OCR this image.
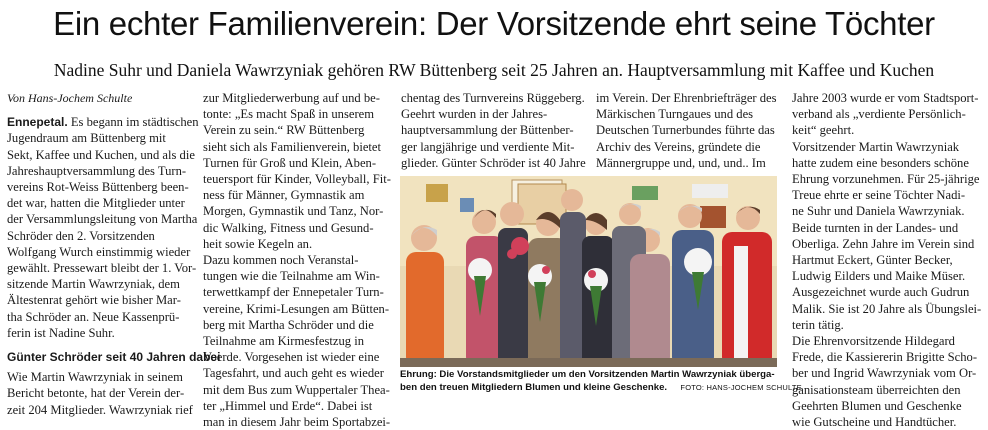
Ein echter Familienverein: Der Vorsitzende ehrt seine Töchter
Nadine Suhr und Daniela Wawrzyniak gehören RW Büttenberg seit 25 Jahren an. Hauptversammlung mit Kaffee und Kuchen
Von Hans-Jochem Schulte
Ennepetal. Es begann im städtischen
Jugendraum am Büttenberg mit
Sekt, Kaffee und Kuchen, und als die
Jahreshauptversammlung des Turn-
vereins Rot-Weiss Büttenberg been-
det war, hatten die Mitglieder unter
der Versammlungsleitung von Martha
Schröder den 2. Vorsitzenden
Wolfgang Wurch einstimmig wieder
gewählt. Pressewart bleibt der 1. Vor-
sitzende Martin Wawrzyniak, dem
Ältestenrat gehört wie bisher Mar-
tha Schröder an. Neue Kassenprü-
ferin ist Nadine Suhr.
Günter Schröder seit 40 Jahren dabei
Wie Martin Wawrzyniak in seinem
Bericht betonte, hat der Verein der-
zeit 204 Mitglieder. Wawrzyniak rief
zur Mitgliederwerbung auf und be-
tonte: „Es macht Spaß in unserem
Verein zu sein.“ RW Büttenberg
sieht sich als Familienverein, bietet
Turnen für Groß und Klein, Aben-
teuersport für Kinder, Volleyball, Fit-
ness für Männer, Gymnastik am
Morgen, Gymnastik und Tanz, Nor-
dic Walking, Fitness und Gesund-
heit sowie Kegeln an.
Dazu kommen noch Veranstal-
tungen wie die Teilnahme am Win-
terwettkampf der Ennepetaler Turn-
vereine, Krimi-Lesungen am Bütten-
berg mit Martha Schröder und die
Teilnahme am Kirmesfestzug in
Voerde. Vorgesehen ist wieder eine
Tagesfahrt, und auch geht es wieder
mit dem Bus zum Wuppertaler Thea-
ter „Himmel und Erde“. Dabei ist
man in diesem Jahr beim Sportabzei-
chentag des Turnvereins Rüggeberg.
Geehrt wurden in der Jahres-
hauptversammlung der Büttenber-
ger langjährige und verdiente Mit-
glieder. Günter Schröder ist 40 Jahre
im Verein. Der Ehrenbriefträger des
Märkischen Turngaues und des
Deutschen Turnerbundes führte das
Archiv des Vereins, gründete die
Männergruppe und, und, und.. Im
Jahre 2003 wurde er vom Stadtsport-
verband als „verdiente Persönlich-
keit“ geehrt.
Vorsitzender Martin Wawrzyniak
hatte zudem eine besonders schöne
Ehrung vorzunehmen. Für 25-jährige
Treue ehrte er seine Töchter Nadi-
ne Suhr und Daniela Wawrzyniak.
Beide turnten in der Landes- und
Oberliga. Zehn Jahre im Verein sind
Hartmut Eckert, Günter Becker,
Ludwig Eilders und Maike Müser.
Ausgezeichnet wurde auch Gudrun
Malik. Sie ist 20 Jahre als Übungslei-
terin tätig.
Die Ehrenvorsitzende Hildegard
Frede, die Kassiererin Brigitte Scho-
ber und Ingrid Wawrzyniak vom Or-
ganisationsteam überreichten den
Geehrten Blumen und Geschenke
wie Gutscheine und Handtücher.
Ehrung: Die Vorstandsmitglieder um den Vorsitzenden Martin Wawrzyniak überga-
ben den treuen Mitgliedern Blumen und kleine Geschenke. FOTO: HANS-JOCHEM SCHULTE
